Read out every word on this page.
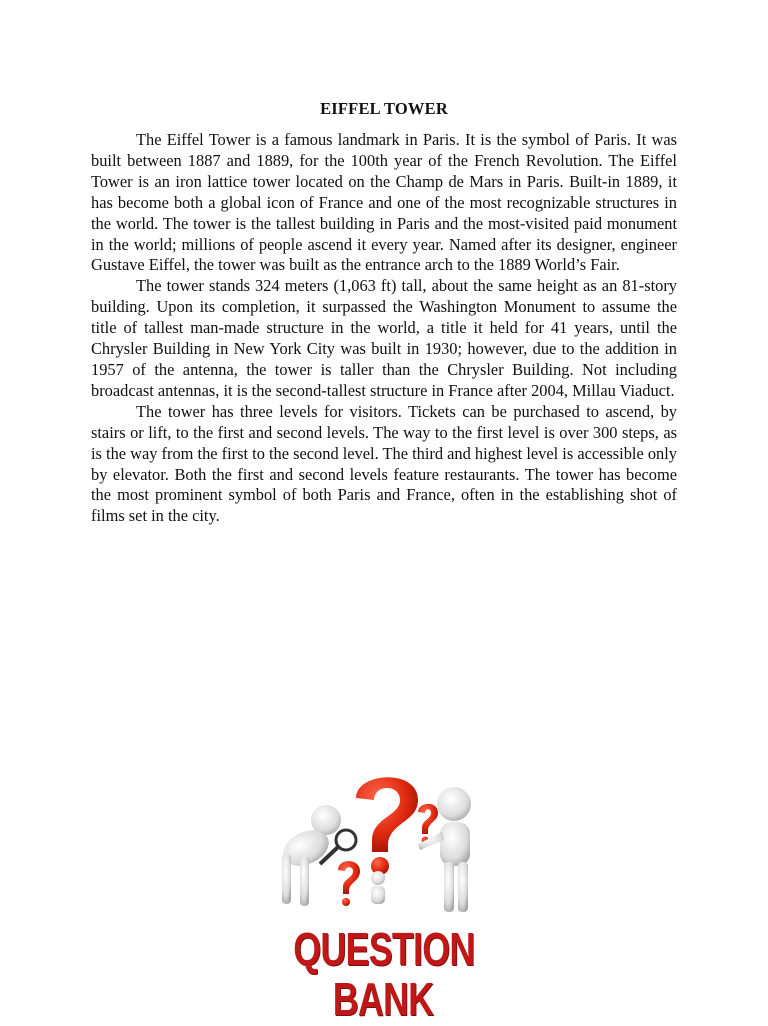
EIFFEL TOWER

The Eiffel Tower is a famous landmark in Paris. It is the symbol of Paris. It was built between 1887 and 1889, for the 100th year of the French Revolution. The Eiffel Tower is an iron lattice tower located on the Champ de Mars in Paris. Built-in 1889, it has become both a global icon of France and one of the most recognizable structures in the world. The tower is the tallest building in Paris and the most-visited paid monument in the world; millions of people ascend it every year. Named after its designer, engineer Gustave Eiffel, the tower was built as the entrance arch to the 1889 World’s Fair.

The tower stands 324 meters (1,063 ft) tall, about the same height as an 81-story building. Upon its completion, it surpassed the Washington Monument to assume the title of tallest man-made structure in the world, a title it held for 41 years, until the Chrysler Building in New York City was built in 1930; however, due to the addition in 1957 of the antenna, the tower is taller than the Chrysler Building. Not including broadcast antennas, it is the second-tallest structure in France after 2004, Millau Viaduct.

The tower has three levels for visitors. Tickets can be purchased to ascend, by stairs or lift, to the first and second levels. The way to the first level is over 300 steps, as is the way from the first to the second level. The third and highest level is accessible only by elevator. Both the first and second levels feature restaurants. The tower has become the most prominent symbol of both Paris and France, often in the establishing shot of films set in the city.

QUESTION
BANK
